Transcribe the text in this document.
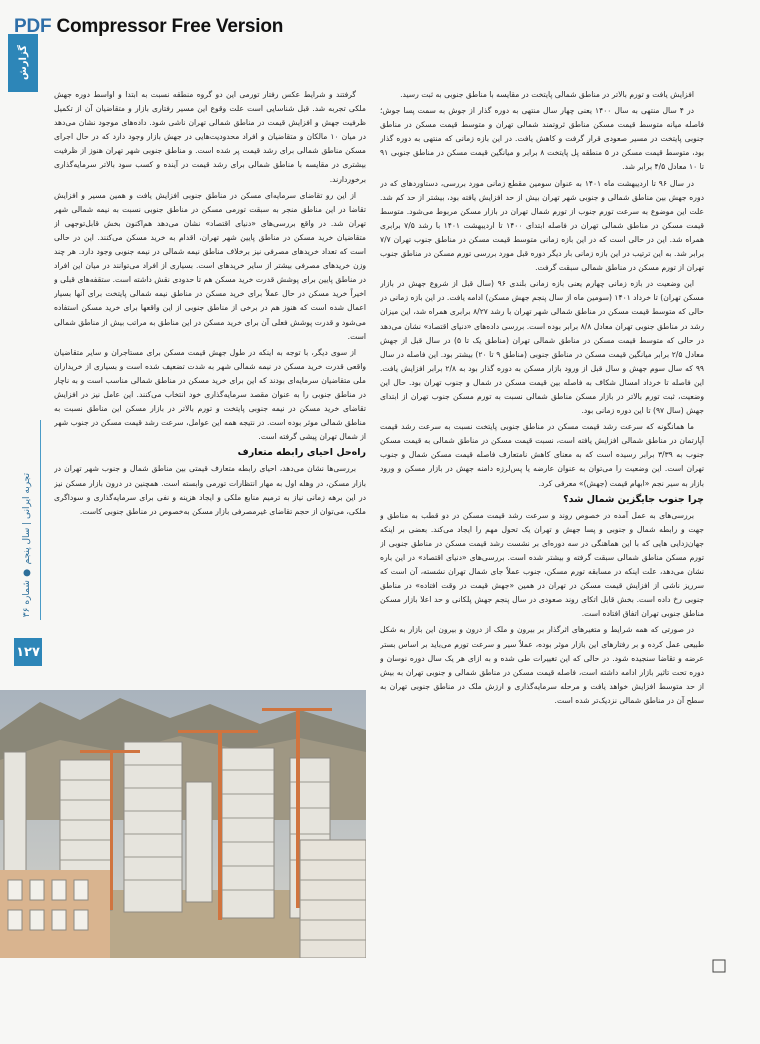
PDF Compressor Free Version
گزارش
تجربه ایرانی | سال پنجم ● شماره ۳۶
۱۲۷

افزایش یافت و تورم بالاتر در مناطق شمالی پایتخت در مقایسه با مناطق جنوبی به ثبت رسید.

در ۴ سال منتهی به سال ۱۴۰۰ یعنی چهار سال منتهی به دوره گذار از جوش به سمت پسا جوش؛ فاصله میانه متوسط قیمت مسکن مناطق ثروتمند شمالی تهران و متوسط قیمت مسکن در مناطق جنوبی پایتخت در مسیر صعودی قرار گرفت و کاهش یافت. در این بازه زمانی که منتهی به دوره گذار بود، متوسط قیمت مسکن در ۵ منطقه پل پایتخت ۸ برابر و میانگین قیمت مسکن در مناطق جنوبی ۹۱ تا ۱۰ معادل ۴/۵ برابر شد.

در سال ۹۶ تا اردیبهشت ماه ۱۴۰۱ به عنوان سومین مقطع زمانی مورد بررسی، دستاوردهای که در دوره جهش بین مناطق شمالی و جنوبی شهر تهران بیش از حد افزایش یافته بود، بیشتر از حد کم شد. علت این موضوع به سرعت تورم جنوب از تورم شمال تهران در بازار مسکن مربوط می‌شود. متوسط قیمت مسکن در مناطق شمالی تهران در فاصله ابتدای ۱۴۰۰ تا اردیبهشت ۱۴۰۱ با رشد ۷/۵ برابری همراه شد. این در حالی است که در این بازه زمانی متوسط قیمت مسکن در مناطق جنوب تهران ۷/۷ برابر شد. به این ترتیب در این بازه زمانی بار دیگر دوره قبل مورد بررسی تورم مسکن در مناطق جنوب تهران از تورم مسکن در مناطق شمالی سبقت گرفت.

این وضعیت در بازه زمانی چهارم یعنی بازه زمانی بلندی ۹۶ (سال قبل از شروع جهش در بازار مسکن تهران) تا خرداد ۱۴۰۱ (سومین ماه از سال پنجم جهش مسکن) ادامه یافت. در این بازه زمانی در حالی که متوسط قیمت مسکن در مناطق شمالی شهر تهران با رشد ۸/۲۷ برابری همراه شد، این میزان رشد در مناطق جنوبی تهران معادل ۸/۸ برابر بوده است. بررسی داده‌های «دنیای اقتصاد» نشان می‌دهد در حالی که متوسط قیمت مسکن در مناطق شمالی تهران (مناطق یک تا ۵) در سال قبل از جهش معادل ۲/۵ برابر میانگین قیمت مسکن در مناطق جنوبی (مناطق ۹ تا ۲۰) بیشتر بود. این فاصله در سال ۹۹ که سال سوم جهش و سال قبل از ورود بازار مسکن به دوره گذار بود به ۲/۸ برابر افزایش یافت. این فاصله تا خرداد امسال شکاف به فاصله بین قیمت مسکن در شمال و جنوب تهران بود. حال این وضعیت، ثبت تورم بالاتر در بازار مسکن مناطق شمالی نسبت به تورم مسکن جنوب تهران از ابتدای جهش (سال ۹۷) تا این دوره زمانی بود.

ما همانگونه که سرعت رشد قیمت مسکن در مناطق جنوبی پایتخت نسبت به سرعت رشد قیمت آپارتمان در مناطق شمالی افزایش یافته است، نسبت قیمت مسکن در مناطق شمالی به قیمت مسکن جنوب به ۳/۳۹ برابر رسیده است که به معنای کاهش نامتعارف فاصله قیمت مسکن شمال و جنوب تهران است. این وضعیت را می‌توان به عنوان عارضه یا پس‌لرزه دامنه جهش در بازار مسکن و ورود بازار به سیر نجم «ابهام قیمت (جهش)» معرفی کرد.

چرا جنوب جایگزین شمال شد؟

بررسی‌های به عمل آمده در خصوص روند و سرعت رشد قیمت مسکن در دو قطب به مناطق و جهت و رابطه شمال و جنوبی و پسا جهش و تهران یک تحول مهم را ایجاد می‌کند. بعضی بر اینکه جهان‌زدایی هایی که با این هماهنگی در سه دوره‌ای بر نشست رشد قیمت مسکن در مناطق جنوبی از تورم مسکن مناطق شمالی سبقت گرفته و بیشتر شده است. بررسی‌های «دنیای اقتصاد» در این باره نشان می‌دهد، علت اینکه در مسابقه تورم مسکن، جنوب عملاً جای شمال تهران نشسته، آن است که سرریز ناشی از افزایش قیمت مسکن در تهران در همین «جهش قیمت در وقت افتاده» در مناطق جنوبی رخ داده است. بخش قابل اتکای روند صعودی در سال پنجم جهش پلکانی و حد اعلا بازار مسکن مناطق جنوبی تهران اتفاق افتاده است.

در صورتی که همه شرایط و متغیرهای اثرگذار بر بیرون و ملک از درون و بیرون این بازار به شکل طبیعی عمل کرده و بر رفتارهای این بازار موثر بوده، عملاً سیر و سرعت تورم می‌باید بر اساس بستر عرضه و تقاضا سنجیده شود. در حالی که این تغییرات طی شده و به ازای هر یک سال دوره نوسان و دوره تحت تاثیر بازار ادامه داشته است، فاصله قیمت مسکن در مناطق شمالی و جنوبی تهران به بیش از حد متوسط افزایش خواهد یافت و مرحله سرمایه‌گذاری و ارزش ملک در مناطق جنوبی تهران به سطح آن در مناطق شمالی نزدیک‌تر شده است.

گرفتند و شرایط عکس رفتار تورمی این دو گروه منطقه نسبت به ابتدا و اواسط دوره جهش ملکی تجربه شد. قبل شناسایی است علت وقوع این مسیر رفتاری بازار و متقاضیان آن از تکمیل ظرفیت جهش و افزایش قیمت در مناطق شمالی تهران ناشی شود. داده‌های موجود نشان می‌دهد در میان ۱۰ مالکان و متقاضیان و افراد محدودیت‌هایی در جهش بازار وجود دارد که در حال اجرای مسکن مناطق شمالی برای رشد قیمت پر شده است. و مناطق جنوبی شهر تهران هنوز از ظرفیت بیشتری در مقایسه با مناطق شمالی برای رشد قیمت در آینده و کسب سود بالاتر سرمایه‌گذاری برخوردارند.

از این رو تقاضای سرمایه‌ای مسکن در مناطق جنوبی افزایش یافت و همین مسیر و افزایش تقاضا در این مناطق منجر به سبقت تورمی مسکن در مناطق جنوبی نسبت به نیمه شمالی شهر تهران شد. در واقع بررسی‌های «دنیای اقتصاد» نشان می‌دهد هم‌اکنون بخش قابل‌توجهی از متقاضیان خرید مسکن در مناطق پایین شهر تهران، اقدام به خرید مسکن می‌کنند. این در حالی است که تعداد خریدهای مصرفی نیز برخلاف مناطق نیمه شمالی در نیمه جنوبی وجود دارد. هر چند وزن خریدهای مصرفی بیشتر از سایر خریدهای است. بسیاری از افراد می‌توانند در میان این افراد در مناطق پایین برای پوشش قدرت خرید مسکن هم تا حدودی نقش داشته است. ستقفه‌های قبلی و اخیراً خرید مسکن در حال عملاً برای خرید مسکن در مناطق نیمه شمالی پایتخت برای آنها بسیار اعمال شده است که هنوز هم در برخی از مناطق جنوبی از این واقعها برای خرید مسکن استفاده می‌شود و قدرت پوشش فعلی آن برای خرید مسکن در این مناطق به مراتب بیش از مناطق شمالی است.

از سوی دیگر، با توجه به اینکه در طول جهش قیمت مسکن برای مستاجران و سایر متقاضیان واقعی قدرت خرید مسکن در نیمه شمالی شهر به شدت تضعیف شده است و بسیاری از خریداران ملی متقاضیان سرمایه‌ای بودند که این برای خرید مسکن در مناطق شمالی مناسب است و به ناچار در مناطق جنوبی را به عنوان مقصد سرمایه‌گذاری خود انتخاب می‌کنند. این عامل نیز در افزایش تقاضای خرید مسکن در نیمه جنوبی پایتخت و تورم بالاتر در بازار مسکن این مناطق نسبت به مناطق شمالی موثر بوده است. در نتیجه همه این عوامل، سرعت رشد قیمت مسکن در جنوب شهر از شمال تهران پیشی گرفته است.

راه‌حل احیای رابطه متعارف

بررسی‌ها نشان می‌دهد، احیای رابطه متعارف قیمتی بین مناطق شمال و جنوب شهر تهران در بازار مسکن، در وهله اول به مهار انتظارات تورمی وابسته است. همچنین در درون بازار مسکن نیز در این برهه زمانی نیاز به ترمیم منابع ملکی و ایجاد هزینه و نفی برای سرمایه‌گذاری و سوداگری ملکی، می‌توان از حجم تقاضای غیرمصرفی بازار مسکن به‌خصوص در مناطق جنوبی کاست.
